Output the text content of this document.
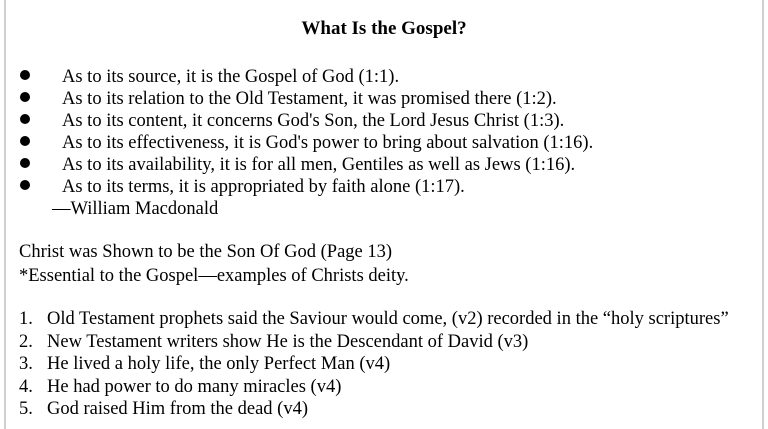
What Is the Gospel?
As to its source, it is the Gospel of God (1:1).
As to its relation to the Old Testament, it was promised there (1:2).
As to its content, it concerns God's Son, the Lord Jesus Christ (1:3).
As to its effectiveness, it is God's power to bring about salvation (1:16).
As to its availability, it is for all men, Gentiles as well as Jews (1:16).
As to its terms, it is appropriated by faith alone (1:17).
—William Macdonald
Christ was Shown to be the Son Of God (Page 13)
*Essential to the Gospel—examples of Christs deity.
1. Old Testament prophets said the Saviour would come, (v2) recorded in the “holy scriptures”
2. New Testament writers show He is the Descendant of David (v3)
3. He lived a holy life, the only Perfect Man (v4)
4. He had power to do many miracles (v4)
5. God raised Him from the dead (v4)
